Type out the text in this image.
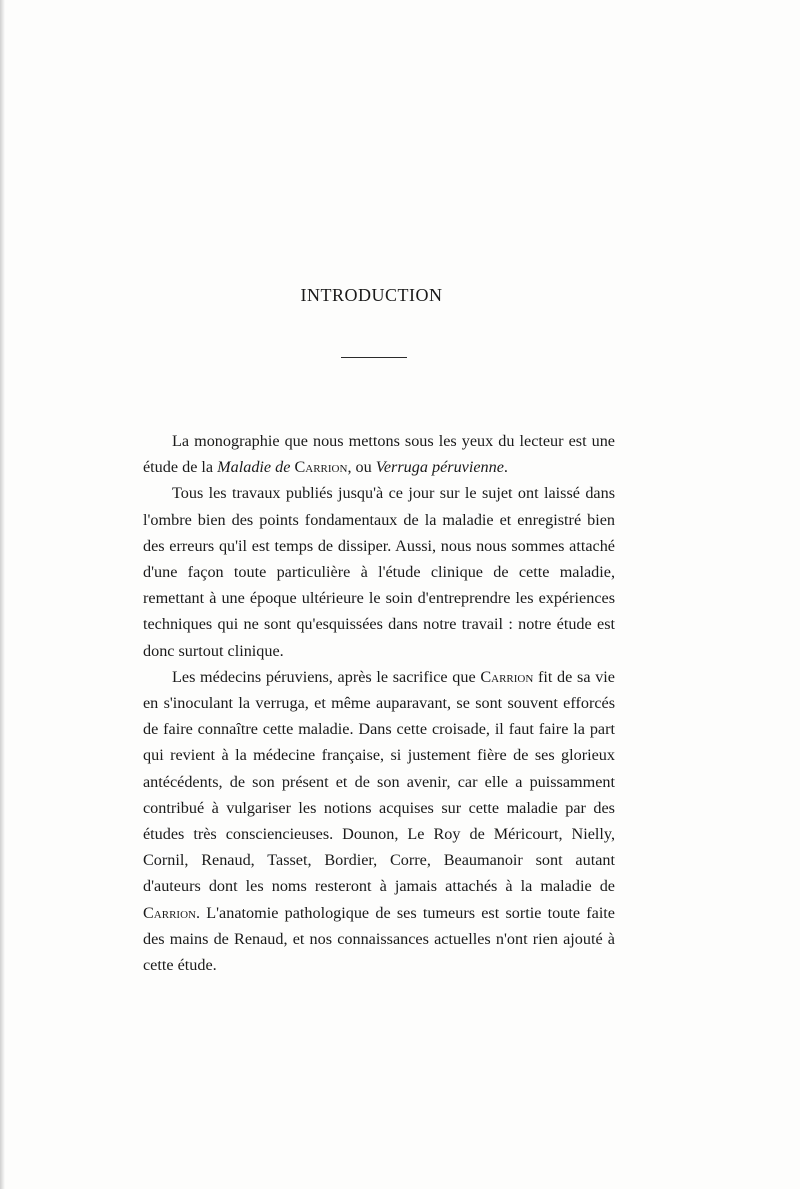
INTRODUCTION

La monographie que nous mettons sous les yeux du lecteur est une étude de la Maladie de Carrion, ou Verruga péruvienne.

Tous les travaux publiés jusqu'à ce jour sur le sujet ont laissé dans l'ombre bien des points fondamentaux de la maladie et enregistré bien des erreurs qu'il est temps de dissiper. Aussi, nous nous sommes attaché d'une façon toute particulière à l'étude clinique de cette maladie, remettant à une époque ultérieure le soin d'entreprendre les expériences techniques qui ne sont qu'esquissées dans notre travail : notre étude est donc surtout clinique.

Les médecins péruviens, après le sacrifice que Carrion fit de sa vie en s'inoculant la verruga, et même auparavant, se sont souvent efforcés de faire connaître cette maladie. Dans cette croisade, il faut faire la part qui revient à la médecine française, si justement fière de ses glorieux antécédents, de son présent et de son avenir, car elle a puissamment contribué à vulgariser les notions acquises sur cette maladie par des études très consciencieuses. Dounon, Le Roy de Méricourt, Nielly, Cornil, Renaud, Tasset, Bordier, Corre, Beaumanoir sont autant d'auteurs dont les noms resteront à jamais attachés à la maladie de Carrion. L'anatomie pathologique de ses tumeurs est sortie toute faite des mains de Renaud, et nos connaissances actuelles n'ont rien ajouté à cette étude.
